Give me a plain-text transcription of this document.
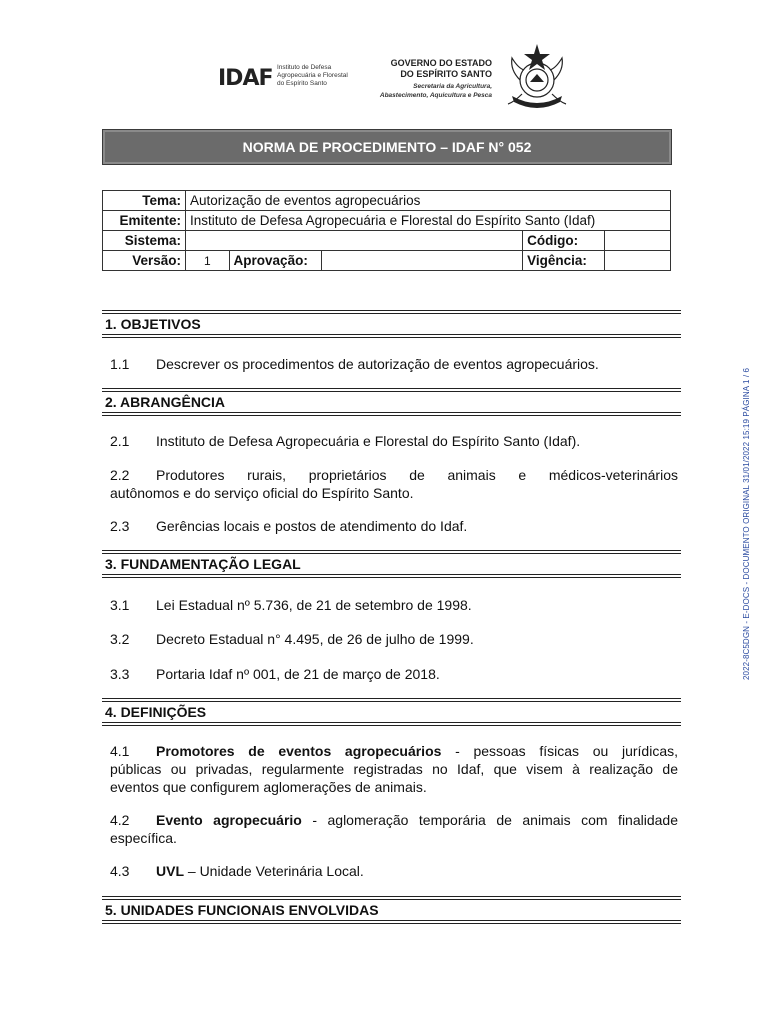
IDAF Instituto de Defesa
Agropecuária e Florestal
do Espírito Santo
GOVERNO DO ESTADO
DO ESPÍRITO SANTO
Secretaria da Agricultura,
Abastecimento, Aquicultura e Pesca
NORMA DE PROCEDIMENTO – IDAF N° 052
Tema:	Autorização de eventos agropecuários				
Emitente:	Instituto de Defesa Agropecuária e Florestal do Espírito Santo (Idaf)				
Sistema:				Código:	
Versão:	1	Aprovação:		Vigência:	
1. OBJETIVOS
1.1 Descrever os procedimentos de autorização de eventos agropecuários.
2. ABRANGÊNCIA
2.1 Instituto de Defesa Agropecuária e Florestal do Espírito Santo (Idaf).
2.2 Produtores rurais, proprietários de animais e médicos-veterinários
autônomos e do serviço oficial do Espírito Santo.
2.3 Gerências locais e postos de atendimento do Idaf.
3. FUNDAMENTAÇÃO LEGAL
3.1 Lei Estadual nº 5.736, de 21 de setembro de 1998.
3.2 Decreto Estadual n° 4.495, de 26 de julho de 1999.
3.3 Portaria Idaf nº 001, de 21 de março de 2018.
4. DEFINIÇÕES
4.1 Promotores de eventos agropecuários - pessoas físicas ou jurídicas,
públicas ou privadas, regularmente registradas no Idaf, que visem à realização de
eventos que configurem aglomerações de animais.
4.2 Evento agropecuário - aglomeração temporária de animais com finalidade
específica.
4.3 UVL – Unidade Veterinária Local.
5. UNIDADES FUNCIONAIS ENVOLVIDAS
2022-8C5DGN - E-DOCS - DOCUMENTO ORIGINAL 31/01/2022 15:19 PÁGINA 1 / 6
